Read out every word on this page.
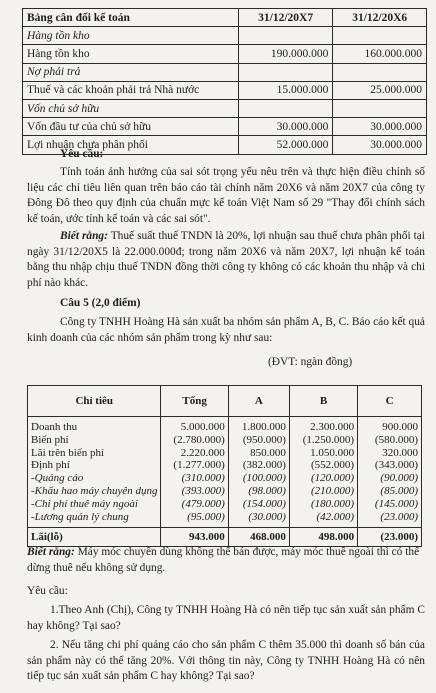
Bảng cân đối kế toán	31/12/20X7	31/12/20X6
Hàng tồn kho		
Hàng tồn kho	190.000.000	160.000.000
Nợ phải trả		
Thuế và các khoản phải trả Nhà nước	15.000.000	25.000.000
Vốn chủ sở hữu		
Vốn đầu tư của chủ sở hữu	30.000.000	30.000.000
Lợi nhuận chưa phân phối	52.000.000	30.000.000
Yêu cầu:
Tính toán ảnh hưởng của sai sót trọng yếu nêu trên và thực hiện điều chỉnh số liệu các chỉ tiêu liên quan trên báo cáo tài chính năm 20X6 và năm 20X7 của công ty Đông Đô theo quy định của chuẩn mực kế toán Việt Nam số 29 "Thay đổi chính sách kế toán, ước tính kế toán và các sai sót".
Biết rằng: Thuế suất thuế TNDN là 20%, lợi nhuận sau thuế chưa phân phối tại ngày 31/12/20X5 là 22.000.000đ; trong năm 20X6 và năm 20X7, lợi nhuận kế toán bằng thu nhập chịu thuế TNDN đồng thời công ty không có các khoản thu nhập và chi phí nào khác.
Câu 5 (2,0 điểm)
Công ty TNHH Hoàng Hà sản xuất ba nhóm sản phẩm A, B, C. Báo cáo kết quả kinh doanh của các nhóm sản phẩm trong kỳ như sau:
(ĐVT: ngàn đồng)
Chỉ tiêu	Tổng	A	B	C

Doanh thu	5.000.000	1.800.000	2.300.000	900.000
Biến phí	(2.780.000)	(950.000)	(1.250.000)	(580.000)
Lãi trên biến phí	2.220.000	850.000	1.050.000	320.000
Định phí	(1.277.000)	(382.000)	(552.000)	(343.000)
-Quảng cáo	(310.000)	(100.000)	(120.000)	(90.000)
-Khấu hao máy chuyên dụng	(393.000)	(98.000)	(210.000)	(85.000)
-Chi phí thuê máy ngoài	(479.000)	(154.000)	(180.000)	(145.000)
-Lương quản lý chung	(95.000)	(30.000)	(42.000)	(23.000)

Lãi(lỗ)	943.000	468.000	498.000	(23.000)
Biết rằng: Máy móc chuyên dùng không thể bán được, máy móc thuê ngoài thì có thể dừng thuê nếu không sử dụng.
Yêu cầu:
1.Theo Anh (Chị), Công ty TNHH Hoàng Hà có nên tiếp tục sản xuất sản phẩm C hay không? Tại sao?
2. Nếu tăng chi phí quảng cáo cho sản phẩm C thêm 35.000 thì doanh số bán của sản phẩm này có thể tăng 20%. Với thông tin này, Công ty TNHH Hoàng Hà có nên tiếp tục sản xuất sản phẩm C hay không? Tại sao?
